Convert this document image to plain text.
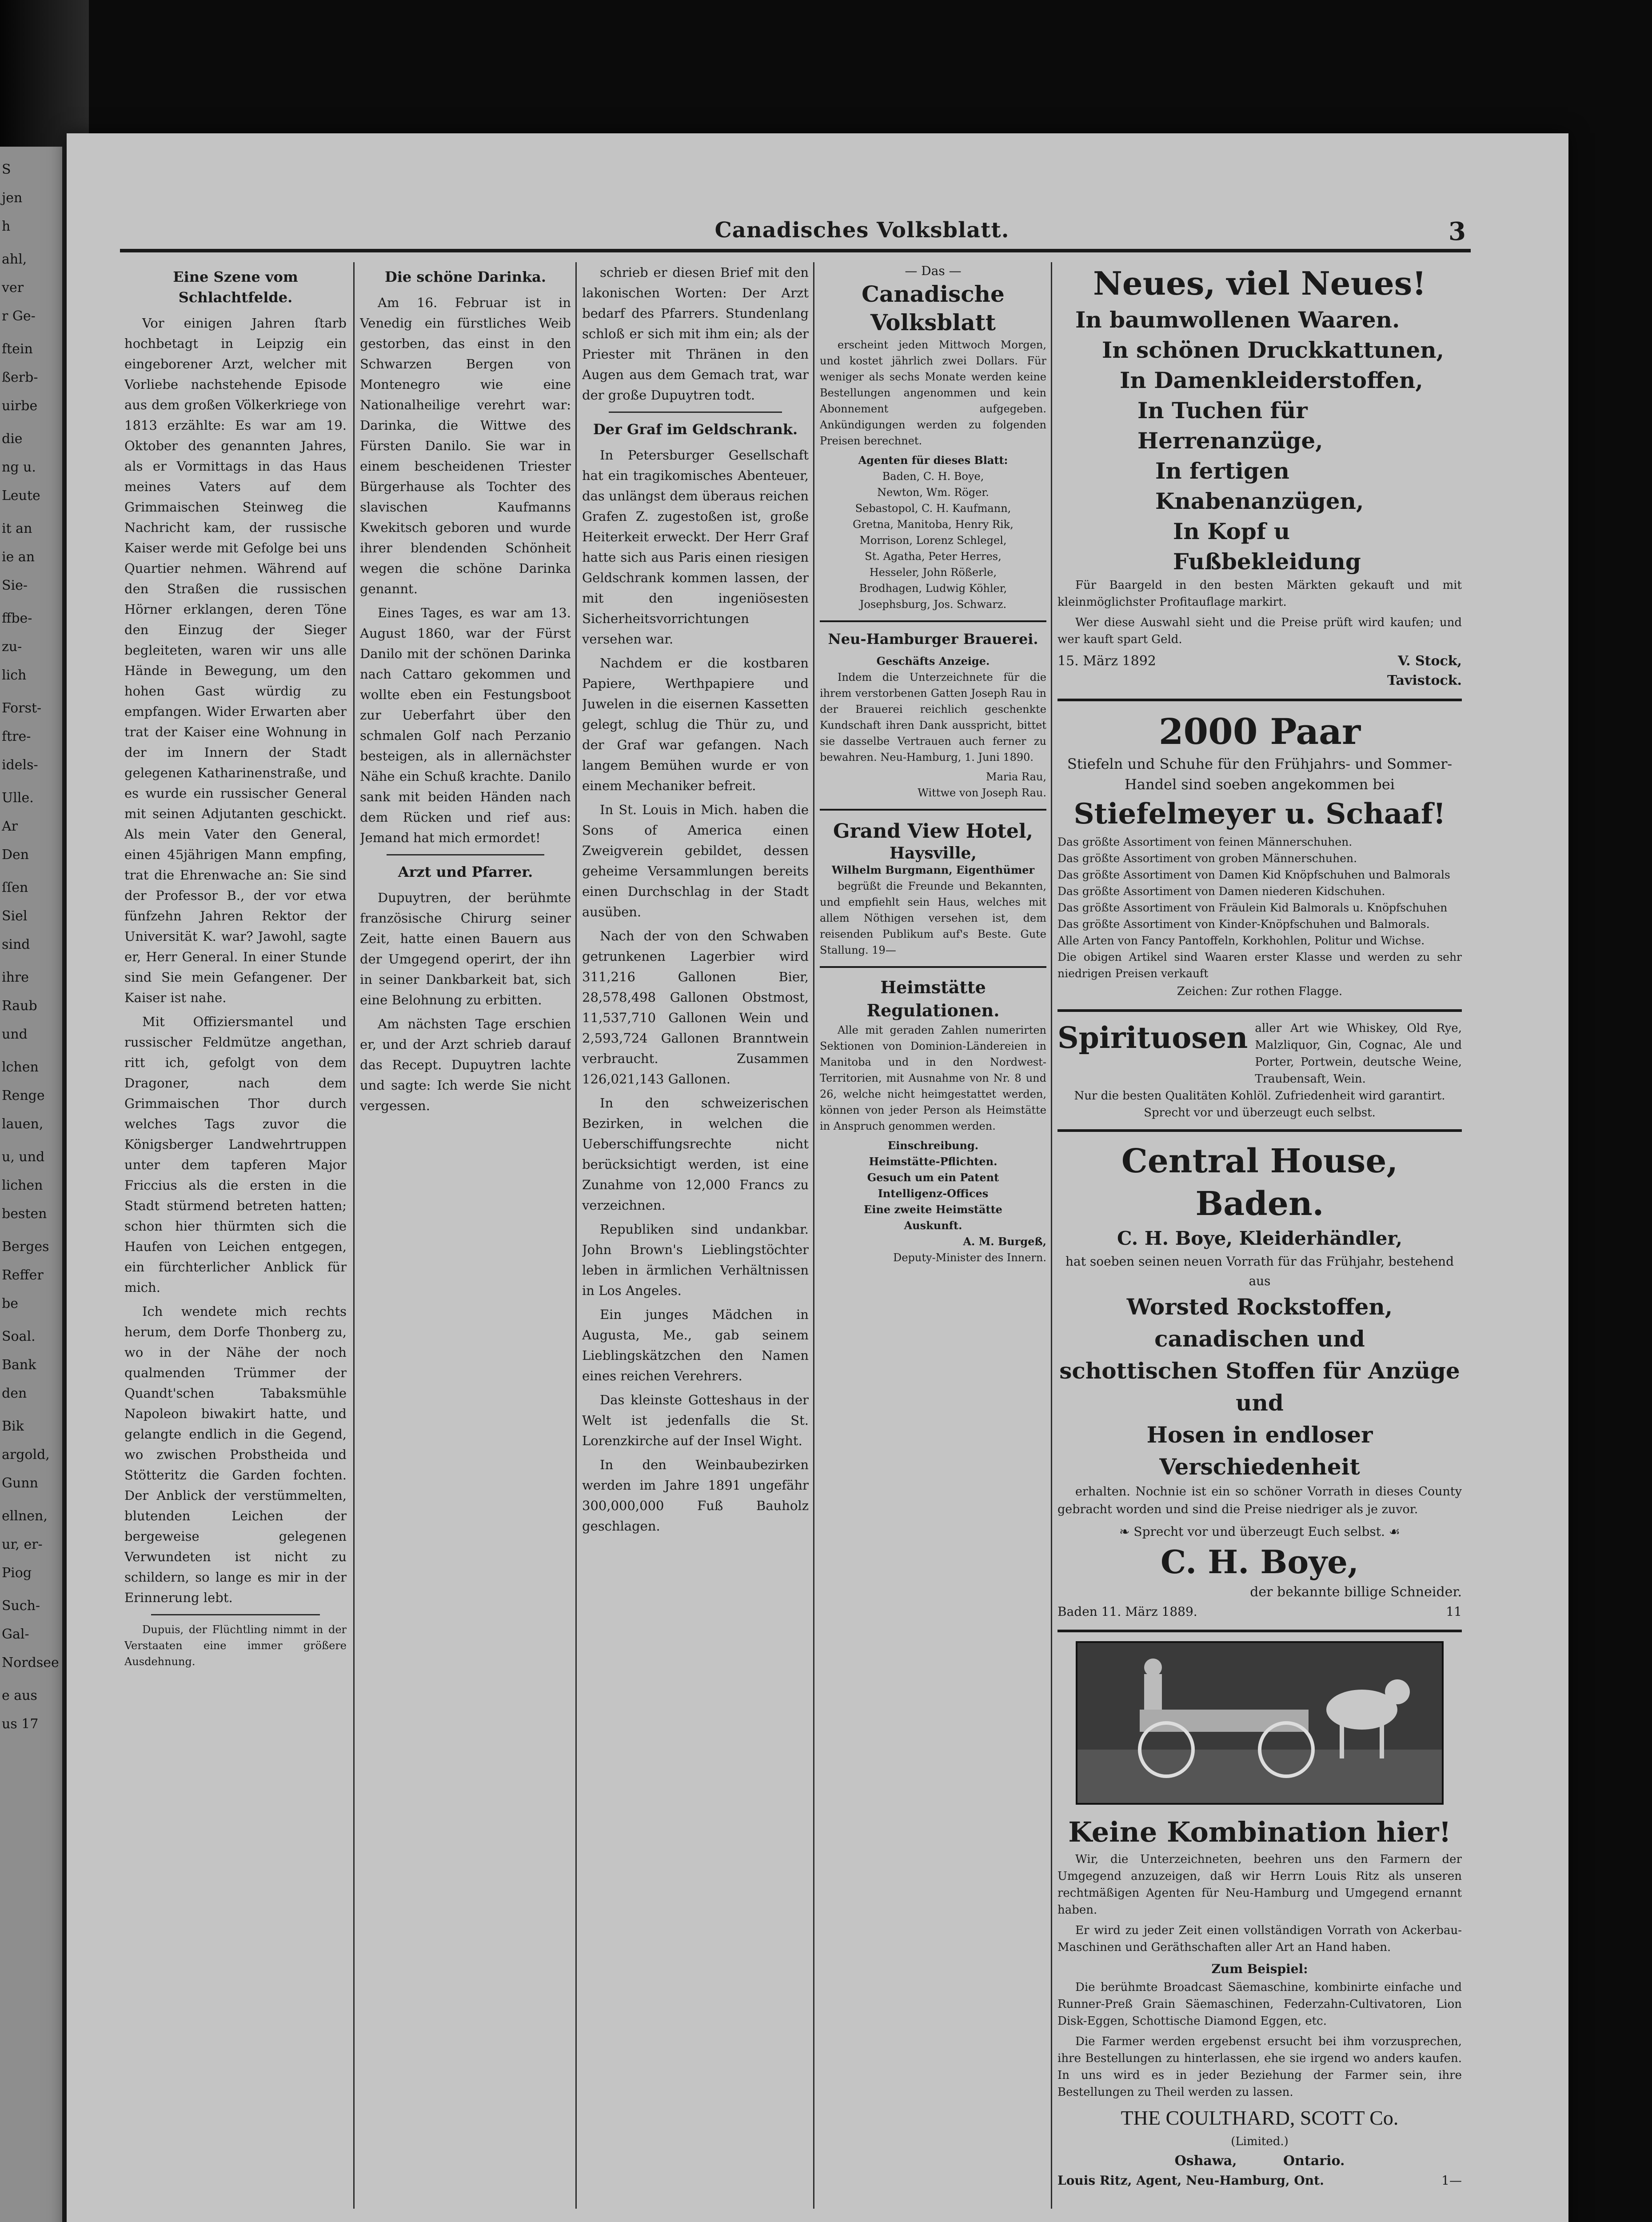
S
jen
h
ahl,
ver
r Ge-
ftein
ßerb-
uirbe
die
ng u.
Leute
it an
ie an
Sie-
ffbe-
zu-
lich
Forst-
ftre-
idels-
Ulle.
Ar
Den
ſſen
Siel
sind
ihre
Raub
und
lchen
Renge
lauen,
u, und
lichen
besten
Berges
Reffer
be
Soal.
Bank
den
Bik
argold,
Gunn
ellnen,
ur, er-
Piog
Such-
Gal-
Nordsee
e aus
us 17
Canadisches Volksblatt.	3
Eine Szene vom Schlachtfelde.

Vor einigen Jahren ſtarb hochbetagt in Leipzig ein eingeborener Arzt, welcher mit Vorliebe nachstehende Episode aus dem großen Völkerkriege von 1813 erzählte: Es war am 19. Oktober des genannten Jahres, als er Vormittags in das Haus meines Vaters auf dem Grimmaischen Steinweg die Nachricht kam, der russische Kaiser werde mit Gefolge bei uns Quartier nehmen. Während auf den Straßen die russischen Hörner erklangen, deren Töne den Einzug der Sieger begleiteten, waren wir uns alle Hände in Bewegung, um den hohen Gast würdig zu empfangen. Wider Erwarten aber trat der Kaiser eine Wohnung in der im Innern der Stadt gelegenen Katharinenstraße, und es wurde ein russischer General mit seinen Adjutanten geschickt. Als mein Vater den General, einen 45jährigen Mann empfing, trat die Ehrenwache an: Sie sind der Professor B., der vor etwa fünfzehn Jahren Rektor der Universität K. war? Jawohl, sagte er, Herr General. In einer Stunde sind Sie mein Gefangener. Der Kaiser ist nahe.

Mit Offiziersmantel und russischer Feldmütze angethan, ritt ich, gefolgt von dem Dragoner, nach dem Grimmaischen Thor durch welches Tags zuvor die Königsberger Landwehrtruppen unter dem tapferen Major Friccius als die ersten in die Stadt stürmend betreten hatten; schon hier thürmten sich die Haufen von Leichen entgegen, ein fürchterlicher Anblick für mich.

Ich wendete mich rechts herum, dem Dorfe Thonberg zu, wo in der Nähe der noch qualmenden Trümmer der Quandt'schen Tabaksmühle Napoleon biwakirt hatte, und gelangte endlich in die Gegend, wo zwischen Probstheida und Stötteritz die Garden fochten. Der Anblick der verstümmelten, blutenden Leichen der bergeweise gelegenen Verwundeten ist nicht zu schildern, so lange es mir in der Erinnerung lebt.

Dupuis, der Flüchtling nimmt in der Verstaaten eine immer größere Ausdehnung.

Die schöne Darinka.

Am 16. Februar ist in Venedig ein fürstliches Weib gestorben, das einst in den Schwarzen Bergen von Montenegro wie eine Nationalheilige verehrt war: Darinka, die Wittwe des Fürsten Danilo. Sie war in einem bescheidenen Triester Bürgerhause als Tochter des slavischen Kaufmanns Kwekitsch geboren und wurde ihrer blendenden Schönheit wegen die schöne Darinka genannt.

Eines Tages, es war am 13. August 1860, war der Fürst Danilo mit der schönen Darinka nach Cattaro gekommen und wollte eben ein Festungsboot zur Ueberfahrt über den schmalen Golf nach Perzanio besteigen, als in allernächster Nähe ein Schuß krachte. Danilo sank mit beiden Händen nach dem Rücken und rief aus: Jemand hat mich ermordet!

Arzt und Pfarrer.

Dupuytren, der berühmte französische Chirurg seiner Zeit, hatte einen Bauern aus der Umgegend operirt, der ihn in seiner Dankbarkeit bat, sich eine Belohnung zu erbitten.

Am nächsten Tage erschien er, und der Arzt schrieb darauf das Recept. Dupuytren lachte und sagte: Ich werde Sie nicht vergessen.

schrieb er diesen Brief mit den lakonischen Worten: Der Arzt bedarf des Pfarrers. Stundenlang schloß er sich mit ihm ein; als der Priester mit Thränen in den Augen aus dem Gemach trat, war der große Dupuytren todt.

Der Graf im Geldschrank.

In Petersburger Gesellschaft hat ein tragikomisches Abenteuer, das unlängst dem überaus reichen Grafen Z. zugestoßen ist, große Heiterkeit erweckt. Der Herr Graf hatte sich aus Paris einen riesigen Geldschrank kommen lassen, der mit den ingeniösesten Sicherheitsvorrichtungen versehen war.

Nachdem er die kostbaren Papiere, Werthpapiere und Juwelen in die eisernen Kassetten gelegt, schlug die Thür zu, und der Graf war gefangen. Nach langem Bemühen wurde er von einem Mechaniker befreit.

In St. Louis in Mich. haben die Sons of America einen Zweigverein gebildet, dessen geheime Versammlungen bereits einen Durchschlag in der Stadt ausüben.

Nach der von den Schwaben getrunkenen Lagerbier wird 311,216 Gallonen Bier, 28,578,498 Gallonen Obstmost, 11,537,710 Gallonen Wein und 2,593,724 Gallonen Branntwein verbraucht. Zusammen 126,021,143 Gallonen.

In den schweizerischen Bezirken, in welchen die Ueberschiffungsrechte nicht berücksichtigt werden, ist eine Zunahme von 12,000 Francs zu verzeichnen.

Republiken sind undankbar. John Brown's Lieblingstöchter leben in ärmlichen Verhältnissen in Los Angeles.

Ein junges Mädchen in Augusta, Me., gab seinem Lieblingskätzchen den Namen eines reichen Verehrers.

Das kleinste Gotteshaus in der Welt ist jedenfalls die St. Lorenzkirche auf der Insel Wight.

In den Weinbaubezirken werden im Jahre 1891 ungefähr 300,000,000 Fuß Bauholz geschlagen.

— Das —
Canadische Volksblatt

erscheint jeden Mittwoch Morgen, und kostet jährlich zwei Dollars. Für weniger als sechs Monate werden keine Bestellungen angenommen und kein Abonnement aufgegeben. Ankündigungen werden zu folgenden Preisen berechnet.

Agenten für dieses Blatt:
Baden, C. H. Boye,
Newton, Wm. Röger.
Sebastopol, C. H. Kaufmann,
Gretna, Manitoba, Henry Rik,
Morrison, Lorenz Schlegel,
St. Agatha, Peter Herres,
Hesseler, John Rößerle,
Brodhagen, Ludwig Köhler,
Josephsburg, Jos. Schwarz.
Neu-Hamburger Brauerei.
Geschäfts Anzeige.

Indem die Unterzeichnete für die ihrem verstorbenen Gatten Joseph Rau in der Brauerei reichlich geschenkte Kundschaft ihren Dank ausspricht, bittet sie dasselbe Vertrauen auch ferner zu bewahren. Neu-Hamburg, 1. Juni 1890.

Maria Rau,
Wittwe von Joseph Rau.
Grand View Hotel,
Haysville,
Wilhelm Burgmann, Eigenthümer

begrüßt die Freunde und Bekannten, und empfiehlt sein Haus, welches mit allem Nöthigen versehen ist, dem reisenden Publikum auf's Beste. Gute Stallung. 19—

Heimstätte Regulationen.

Alle mit geraden Zahlen numerirten Sektionen von Dominion-Ländereien in Manitoba und in den Nordwest-Territorien, mit Ausnahme von Nr. 8 und 26, welche nicht heimgestattet werden, können von jeder Person als Heimstätte in Anspruch genommen werden.

Einschreibung.
Heimstätte-Pflichten.
Gesuch um ein Patent
Intelligenz-Offices
Eine zweite Heimstätte
Auskunft.
A. M. Burgeß,
Deputy-Minister des Innern.
Neues, viel Neues!
In baumwollenen Waaren.
In schönen Druckkattunen,
In Damenkleiderstoffen,
In Tuchen für Herrenanzüge,
In fertigen Knabenanzügen,
In Kopf u Fußbekleidung

Für Baargeld in den besten Märkten gekauft und mit kleinmöglichster Profitauflage markirt.

Wer diese Auswahl sieht und die Preise prüft wird kaufen; und wer kauft spart Geld.

15. März 1892	V. Stock,
Tavistock.
2000 Paar
Stiefeln und Schuhe für den Frühjahrs- und Sommer-Handel sind soeben angekommen bei
Stiefelmeyer u. Schaaf!
Das größte Assortiment von feinen Männerschuhen.
Das größte Assortiment von groben Männerschuhen.
Das größte Assortiment von Damen Kid Knöpfschuhen und Balmorals
Das größte Assortiment von Damen niederen Kidschuhen.
Das größte Assortiment von Fräulein Kid Balmorals u. Knöpfschuhen
Das größte Assortiment von Kinder-Knöpfschuhen und Balmorals.
Alle Arten von Fancy Pantoffeln, Korkhohlen, Politur und Wichse.
Die obigen Artikel sind Waaren erster Klasse und werden zu sehr niedrigen Preisen verkauft
Zeichen: Zur rothen Flagge.
Spirituosen aller Art wie Whiskey, Old Rye, Malzliquor, Gin, Cognac, Ale und Porter, Portwein, deutsche Weine, Traubensaft, Wein.
Nur die besten Qualitäten Kohlöl. Zufriedenheit wird garantirt. Sprecht vor und überzeugt euch selbst.
Central House, Baden.
C. H. Boye, Kleiderhändler,
hat soeben seinen neuen Vorrath für das Frühjahr, bestehend aus
Worsted Rockstoffen, canadischen und
schottischen Stoffen für Anzüge und
Hosen in endloser Verschiedenheit

erhalten. Nochnie ist ein so schöner Vorrath in dieses County gebracht worden und sind die Preise niedriger als je zuvor.

❧ Sprecht vor und überzeugt Euch selbst. ☙
C. H. Boye,
der bekannte billige Schneider.
Baden 11. März 1889.	11
Keine Kombination hier!

Wir, die Unterzeichneten, beehren uns den Farmern der Umgegend anzuzeigen, daß wir Herrn Louis Ritz als unseren rechtmäßigen Agenten für Neu-Hamburg und Umgegend ernannt haben.

Er wird zu jeder Zeit einen vollständigen Vorrath von Ackerbau-Maschinen und Geräthschaften aller Art an Hand haben.

Zum Beispiel:

Die berühmte Broadcast Säemaschine, kombinirte einfache und Runner-Preß Grain Säemaschinen, Federzahn-Cultivatoren, Lion Disk-Eggen, Schottische Diamond Eggen, etc.

Die Farmer werden ergebenst ersucht bei ihm vorzusprechen, ihre Bestellungen zu hinterlassen, ehe sie irgend wo anders kaufen. In uns wird es in jeder Beziehung der Farmer sein, ihre Bestellungen zu Theil werden zu lassen.

THE COULTHARD, SCOTT Co.
(Limited.)
Oshawa,          Ontario.
Louis Ritz, Agent, Neu-Hamburg, Ont.	1—
